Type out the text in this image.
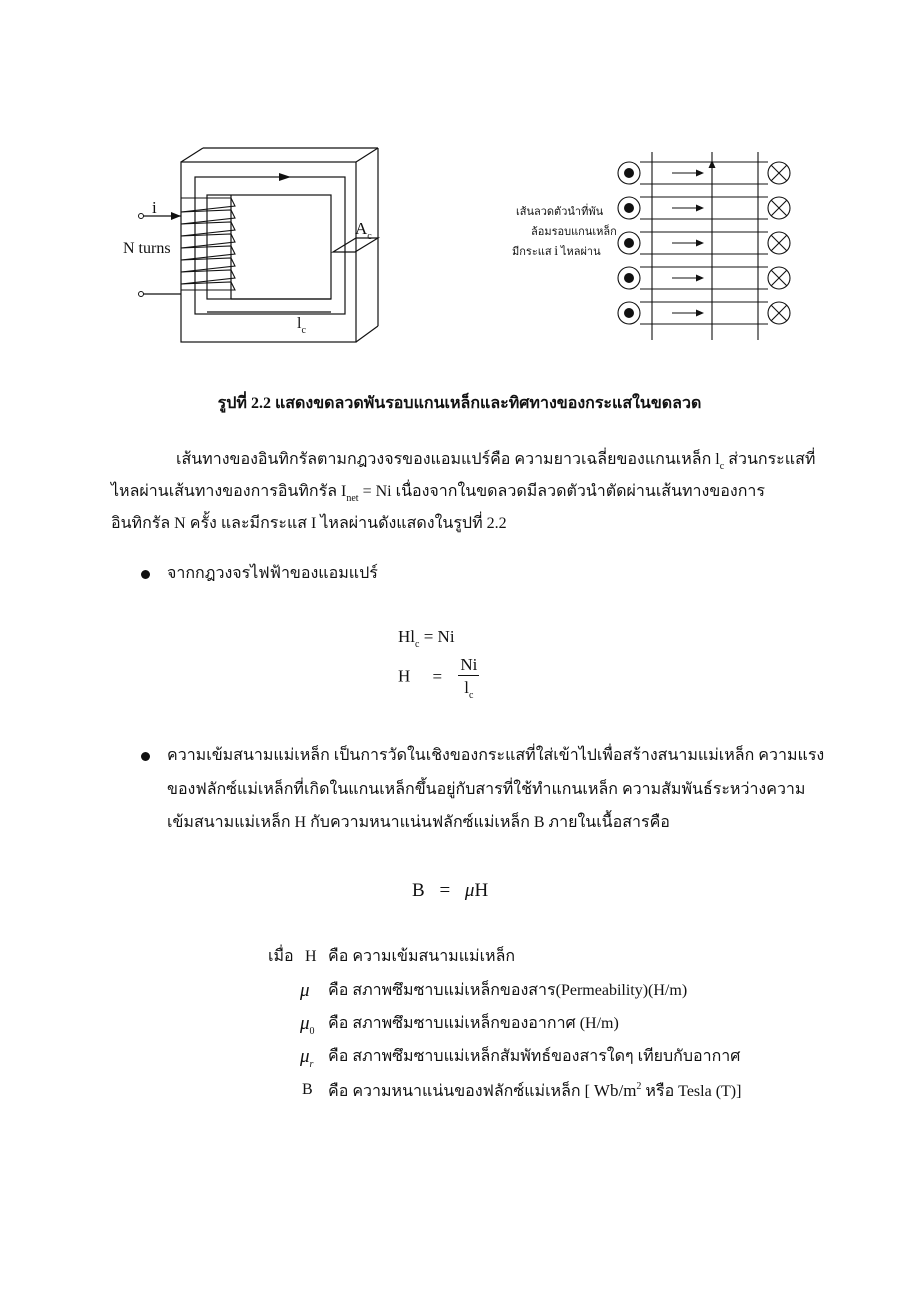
i
N turns
$A_c$
$l_c$
เส้นลวดตัวนำที่พัน
ล้อมรอบแกนเหล็ก
มีกระแส i ไหลผ่าน
รูปที่ 2.2 แสดงขดลวดพันรอบแกนเหล็กและทิศทางของกระแสในขดลวด
เส้นทางของอินทิกรัลตามกฎวงจรของแอมแปร์คือ ความยาวเฉลี่ยของแกนเหล็ก $l_c$ ส่วนกระแสที่
ไหลผ่านเส้นทางของการอินทิกรัล $I_{net} = Ni$ เนื่องจากในขดลวดมีลวดตัวนำตัดผ่านเส้นทางของการ
อินทิกรัล N ครั้ง และมีกระแส I ไหลผ่านดังแสดงในรูปที่ 2.2
จากกฎวงจรไฟฟ้าของแอมแปร์
$Hl_c = Ni$
$H = \frac{Ni}{l_c}$
ความเข้มสนามแม่เหล็ก เป็นการวัดในเชิงของกระแสที่ใส่เข้าไปเพื่อสร้างสนามแม่เหล็ก ความแรง
ของฟลักซ์แม่เหล็กที่เกิดในแกนเหล็กขึ้นอยู่กับสารที่ใช้ทำแกนเหล็ก ความสัมพันธ์ระหว่างความ
เข้มสนามแม่เหล็ก H กับความหนาแน่นฟลักซ์แม่เหล็ก B ภายในเนื้อสารคือ
B = μH
เมื่อ H คือ ความเข้มสนามแม่เหล็ก
μ คือ สภาพซึมซาบแม่เหล็กของสาร(Permeability)(H/m)
$\mu_0$ คือ สภาพซึมซาบแม่เหล็กของอากาศ (H/m)
$\mu_r$ คือ สภาพซึมซาบแม่เหล็กสัมพัทธ์ของสารใดๆ เทียบกับอากาศ
B คือ ความหนาแน่นของฟลักซ์แม่เหล็ก [ $Wb/m^2$ หรือ Tesla (T)]
